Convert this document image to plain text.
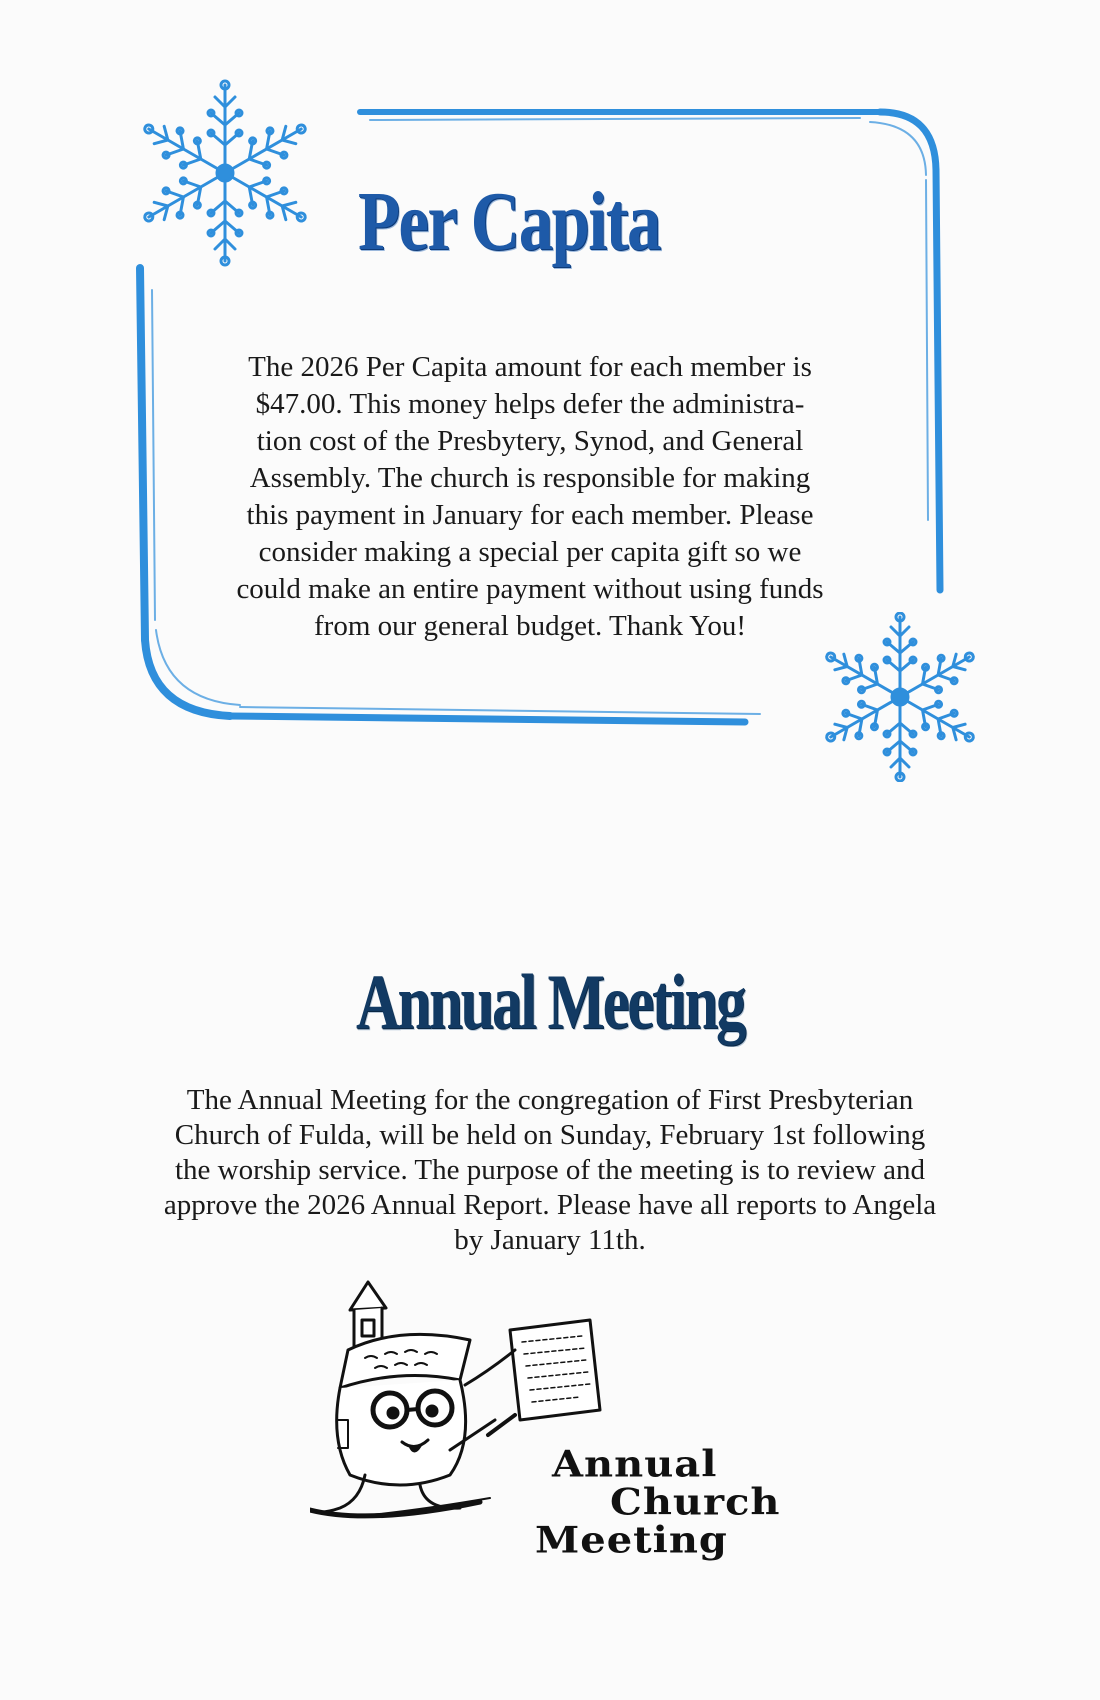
Per Capita

The 2026 Per Capita amount for each member is
$47.00. This money helps defer the administra-
tion cost of the Presbytery, Synod, and General
Assembly. The church is responsible for making
this payment in January for each member. Please
consider making a special per capita gift so we
could make an entire payment without using funds
from our general budget. Thank You!

Annual Meeting

The Annual Meeting for the congregation of First Presbyterian
Church of Fulda, will be held on Sunday, February 1st following
the worship service. The purpose of the meeting is to review and
approve the 2026 Annual Report. Please have all reports to Angela
by January 11th.

Annual
Church
Meeting
